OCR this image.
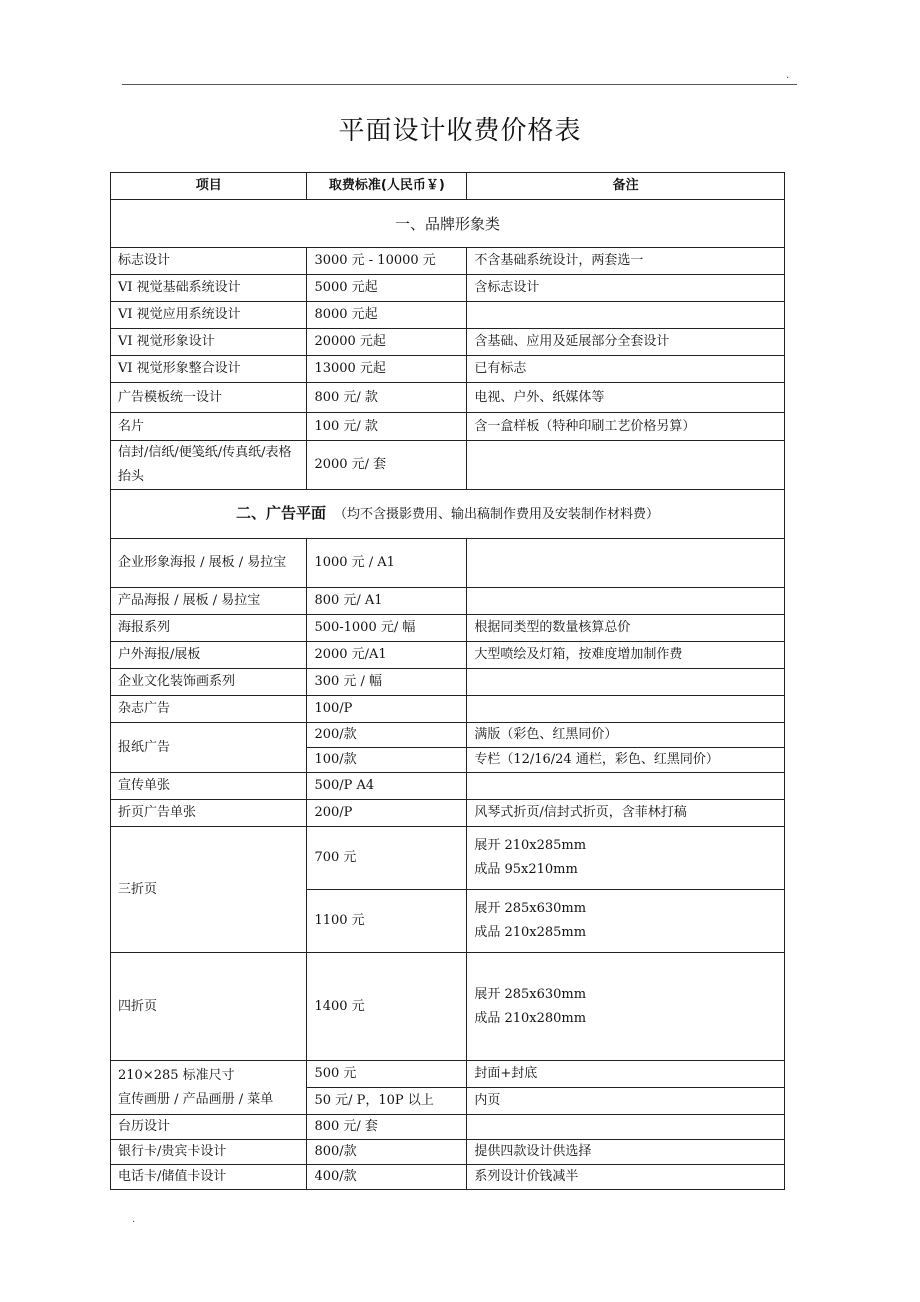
.
平面设计收费价格表
项目	取费标准(人民币￥)	备注
一、品牌形象类		
标志设计	3000 元 - 10000 元	不含基础系统设计，两套选一
VI 视觉基础系统设计	5000 元起	含标志设计
VI 视觉应用系统设计	8000 元起	
VI 视觉形象设计	20000 元起	含基础、应用及延展部分全套设计
VI 视觉形象整合设计	13000 元起	已有标志
广告模板统一设计	800 元/ 款	电视、户外、纸媒体等
名片	100 元/ 款	含一盒样板（特种印刷工艺价格另算）
信封/信纸/便笺纸/传真纸/表格抬头	2000 元/ 套	
二、广告平面 （均不含摄影费用、输出稿制作费用及安装制作材料费）		
企业形象海报 / 展板 / 易拉宝	1000 元 / A1	
产品海报 / 展板 / 易拉宝	800 元/ A1	
海报系列	500-1000 元/ 幅	根据同类型的数量核算总价
户外海报/展板	2000 元/A1	大型喷绘及灯箱，按难度增加制作费
企业文化装饰画系列	300 元 / 幅	
杂志广告	100/P	
报纸广告	200/款	满版（彩色、红黑同价）
	100/款	专栏（12/16/24 通栏，彩色、红黑同价）
宣传单张	500/P A4	
折页广告单张	200/P	风琴式折页/信封式折页，含菲林打稿
三折页	700 元	展开 210x285mm
成品 95x210mm

	1100 元	展开 285x630mm
成品 210x285mm

四折页	1400 元	展开 285x630mm
成品 210x280mm

210×285 标准尺寸
宣传画册 / 产品画册 / 菜单	500 元	封面+封底
	50 元/ P，10P 以上	内页
台历设计	800 元/ 套	
银行卡/贵宾卡设计	800/款	提供四款设计供选择
电话卡/储值卡设计	400/款	系列设计价钱减半
.
